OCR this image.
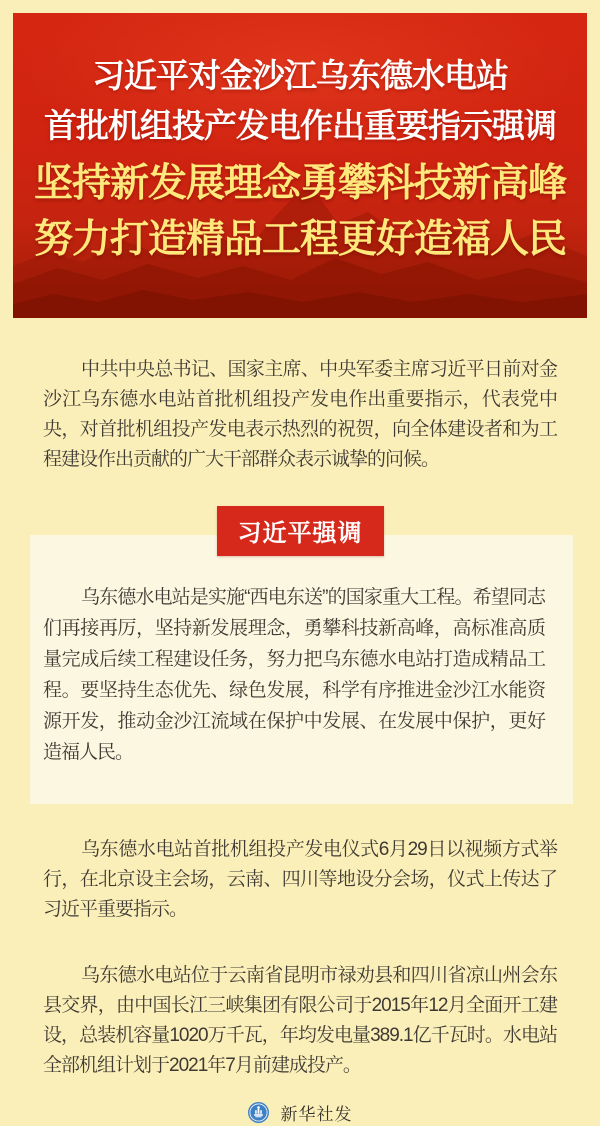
习近平对金沙江乌东德水电站
首批机组投产发电作出重要指示强调
坚持新发展理念勇攀科技新高峰
努力打造精品工程更好造福人民

中共中央总书记、国家主席、中央军委主席习近平日前对金沙江乌东德水电站首批机组投产发电作出重要指示，代表党中央，对首批机组投产发电表示热烈的祝贺，向全体建设者和为工程建设作出贡献的广大干部群众表示诚挚的问候。

习近平强调

乌东德水电站是实施“西电东送”的国家重大工程。希望同志们再接再厉，坚持新发展理念，勇攀科技新高峰，高标准高质量完成后续工程建设任务，努力把乌东德水电站打造成精品工程。要坚持生态优先、绿色发展，科学有序推进金沙江水能资源开发，推动金沙江流域在保护中发展、在发展中保护，更好造福人民。

乌东德水电站首批机组投产发电仪式6月29日以视频方式举行，在北京设主会场，云南、四川等地设分会场，仪式上传达了习近平重要指示。

乌东德水电站位于云南省昆明市禄劝县和四川省凉山州会东县交界，由中国长江三峡集团有限公司于2015年12月全面开工建设，总装机容量1020万千瓦，年均发电量389.1亿千瓦时。水电站全部机组计划于2021年7月前建成投产。

新华社发
